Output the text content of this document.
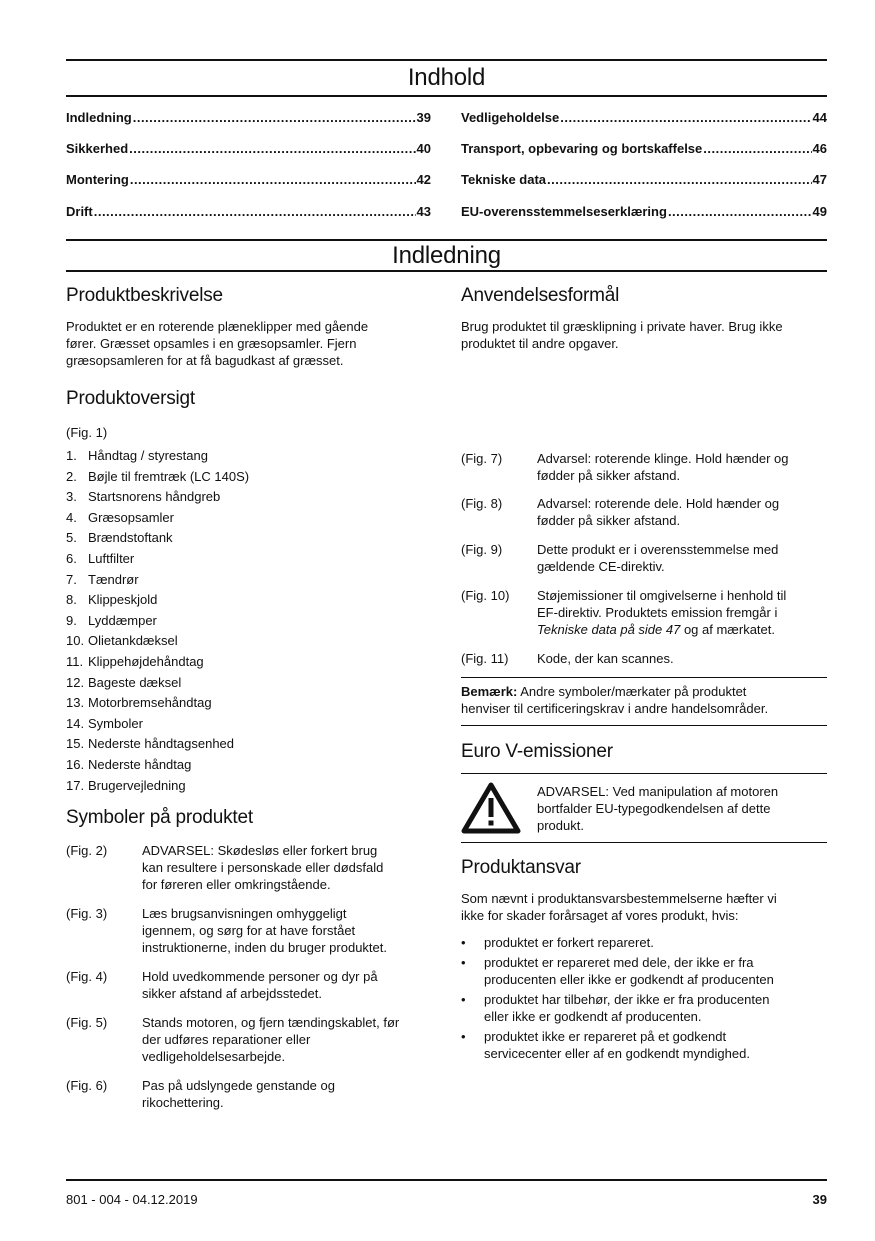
Indhold
Indledning .....	39
Sikkerhed .....	40
Montering .....	42
Drift .....	43
Vedligeholdelse .....	44
Transport, opbevaring og bortskaffelse .....	46
Tekniske data .....	47
EU-overensstemmelseserklæring .....	49
Indledning
Produktbeskrivelse
Produktet er en roterende plæneklipper med gående
fører. Græsset opsamles i en græsopsamler. Fjern
græsopsamleren for at få bagudkast af græsset.
Anvendelsesformål
Brug produktet til græsklipning i private haver. Brug ikke
produktet til andre opgaver.
Produktoversigt
(Fig. 1)
1. Håndtag / styrestang
2. Bøjle til fremtræk (LC 140S)
3. Startsnorens håndgreb
4. Græsopsamler
5. Brændstoftank
6. Luftfilter
7. Tændrør
8. Klippeskjold
9. Lyddæmper
10. Olietankdæksel
11. Klippehøjdehåndtag
12. Bageste dæksel
13. Motorbremsehåndtag
14. Symboler
15. Nederste håndtagsenhed
16. Nederste håndtag
17. Brugervejledning
Symboler på produktet
(Fig. 2)	ADVARSEL: Skødesløs eller forkert brug
kan resultere i personskade eller dødsfald
for føreren eller omkringstående.
(Fig. 3)	Læs brugsanvisningen omhyggeligt
igennem, og sørg for at have forstået
instruktionerne, inden du bruger produktet.
(Fig. 4)	Hold uvedkommende personer og dyr på
sikker afstand af arbejdsstedet.
(Fig. 5)	Stands motoren, og fjern tændingskablet, før
der udføres reparationer eller
vedligeholdelsesarbejde.
(Fig. 6)	Pas på udslyngede genstande og
rikochettering.
(Fig. 7)	Advarsel: roterende klinge. Hold hænder og
fødder på sikker afstand.
(Fig. 8)	Advarsel: roterende dele. Hold hænder og
fødder på sikker afstand.
(Fig. 9)	Dette produkt er i overensstemmelse med
gældende CE-direktiv.
(Fig. 10)	Støjemissioner til omgivelserne i henhold til
EF-direktiv. Produktets emission fremgår i
Tekniske data på side 47 og af mærkatet.
(Fig. 11)	Kode, der kan scannes.
Bemærk: Andre symboler/mærkater på produktet
henviser til certificeringskrav i andre handelsområder.
Euro V-emissioner
ADVARSEL: Ved manipulation af motoren
bortfalder EU-typegodkendelsen af dette
produkt.
Produktansvar
Som nævnt i produktansvarsbestemmelserne hæfter vi
ikke for skader forårsaget af vores produkt, hvis:
•	produktet er forkert repareret.
•	produktet er repareret med dele, der ikke er fra
producenten eller ikke er godkendt af producenten
•	produktet har tilbehør, der ikke er fra producenten
eller ikke er godkendt af producenten.
•	produktet ikke er repareret på et godkendt
servicecenter eller af en godkendt myndighed.
801 - 004 - 04.12.2019	39
